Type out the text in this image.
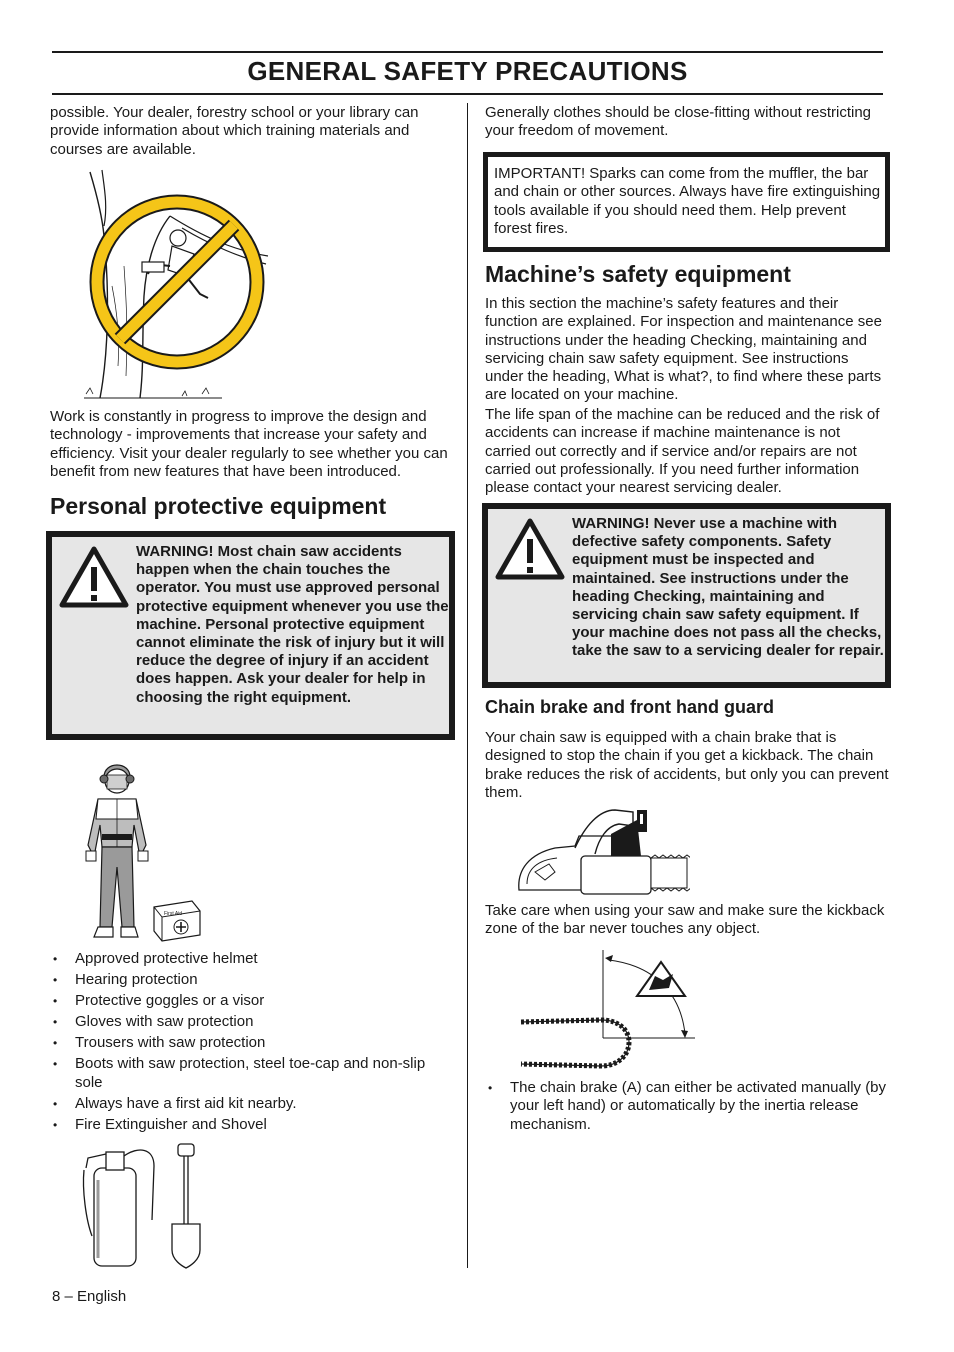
GENERAL SAFETY PRECAUTIONS

possible. Your dealer, forestry school or your library can provide information about which training materials and courses are available.

Work is constantly in progress to improve the design and technology - improvements that increase your safety and efficiency. Visit your dealer regularly to see whether you can benefit from new features that have been introduced.

Personal protective equipment

WARNING! Most chain saw accidents happen when the chain touches the operator. You must use approved personal protective equipment whenever you use the machine. Personal protective equipment cannot eliminate the risk of injury but it will reduce the degree of injury if an accident does happen. Ask your dealer for help in choosing the right equipment.

First Aid
• Approved protective helmet
• Hearing protection
• Protective goggles or a visor
• Gloves with saw protection
• Trousers with saw protection
• Boots with saw protection, steel toe-cap and non-slip sole
• Always have a first aid kit nearby.
• Fire Extinguisher and Shovel

Generally clothes should be close-fitting without restricting your freedom of movement.

IMPORTANT! Sparks can come from the muffler, the bar and chain or other sources. Always have fire extinguishing tools available if you should need them. Help prevent forest fires.

Machine’s safety equipment

In this section the machine’s safety features and their function are explained. For inspection and maintenance see instructions under the heading Checking, maintaining and servicing chain saw safety equipment. See instructions under the heading, What is what?, to find where these parts are located on your machine.

The life span of the machine can be reduced and the risk of accidents can increase if machine maintenance is not carried out correctly and if service and/or repairs are not carried out professionally. If you need further information please contact your nearest servicing dealer.

WARNING! Never use a machine with defective safety components. Safety equipment must be inspected and maintained. See instructions under the heading Checking, maintaining and servicing chain saw safety equipment. If your machine does not pass all the checks, take the saw to a servicing dealer for repair.

Chain brake and front hand guard

Your chain saw is equipped with a chain brake that is designed to stop the chain if you get a kickback. The chain brake reduces the risk of accidents, but only you can prevent them.

Take care when using your saw and make sure the kickback zone of the bar never touches any object.

• The chain brake (A) can either be activated manually (by your left hand) or automatically by the inertia release mechanism.
8 – English
